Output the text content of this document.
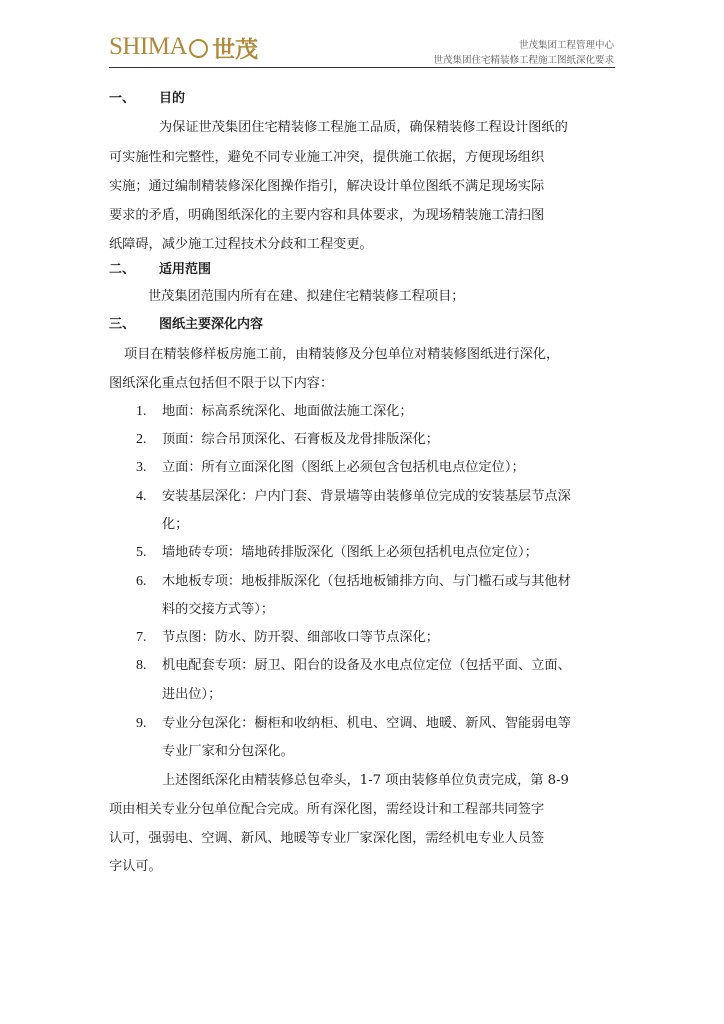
SHIMA 世茂	世茂集团工程管理中心
世茂集团住宅精装修工程施工图纸深化要求
一、 目的
为保证世茂集团住宅精装修工程施工品质，确保精装修工程设计图纸的
可实施性和完整性，避免不同专业施工冲突，提供施工依据，方便现场组织
实施；通过编制精装修深化图操作指引，解决设计单位图纸不满足现场实际
要求的矛盾，明确图纸深化的主要内容和具体要求，为现场精装施工清扫图
纸障碍，减少施工过程技术分歧和工程变更。
二、 适用范围
世茂集团范围内所有在建、拟建住宅精装修工程项目；
三、 图纸主要深化内容
项目在精装修样板房施工前，由精装修及分包单位对精装修图纸进行深化，
图纸深化重点包括但不限于以下内容：
1. 地面：标高系统深化、地面做法施工深化；
2. 顶面：综合吊顶深化、石膏板及龙骨排版深化；
3. 立面：所有立面深化图（图纸上必须包含包括机电点位定位）；
4. 安装基层深化：户内门套、背景墙等由装修单位完成的安装基层节点深
化；
5. 墙地砖专项：墙地砖排版深化（图纸上必须包括机电点位定位）；
6. 木地板专项：地板排版深化（包括地板铺排方向、与门槛石或与其他材
料的交接方式等）；
7. 节点图：防水、防开裂、细部收口等节点深化；
8. 机电配套专项：厨卫、阳台的设备及水电点位定位（包括平面、立面、
进出位）；
9. 专业分包深化：橱柜和收纳柜、机电、空调、地暖、新风、智能弱电等
专业厂家和分包深化。
上述图纸深化由精装修总包牵头，1-7 项由装修单位负责完成，第 8-9
项由相关专业分包单位配合完成。所有深化图，需经设计和工程部共同签字
认可，强弱电、空调、新风、地暖等专业厂家深化图，需经机电专业人员签
字认可。
